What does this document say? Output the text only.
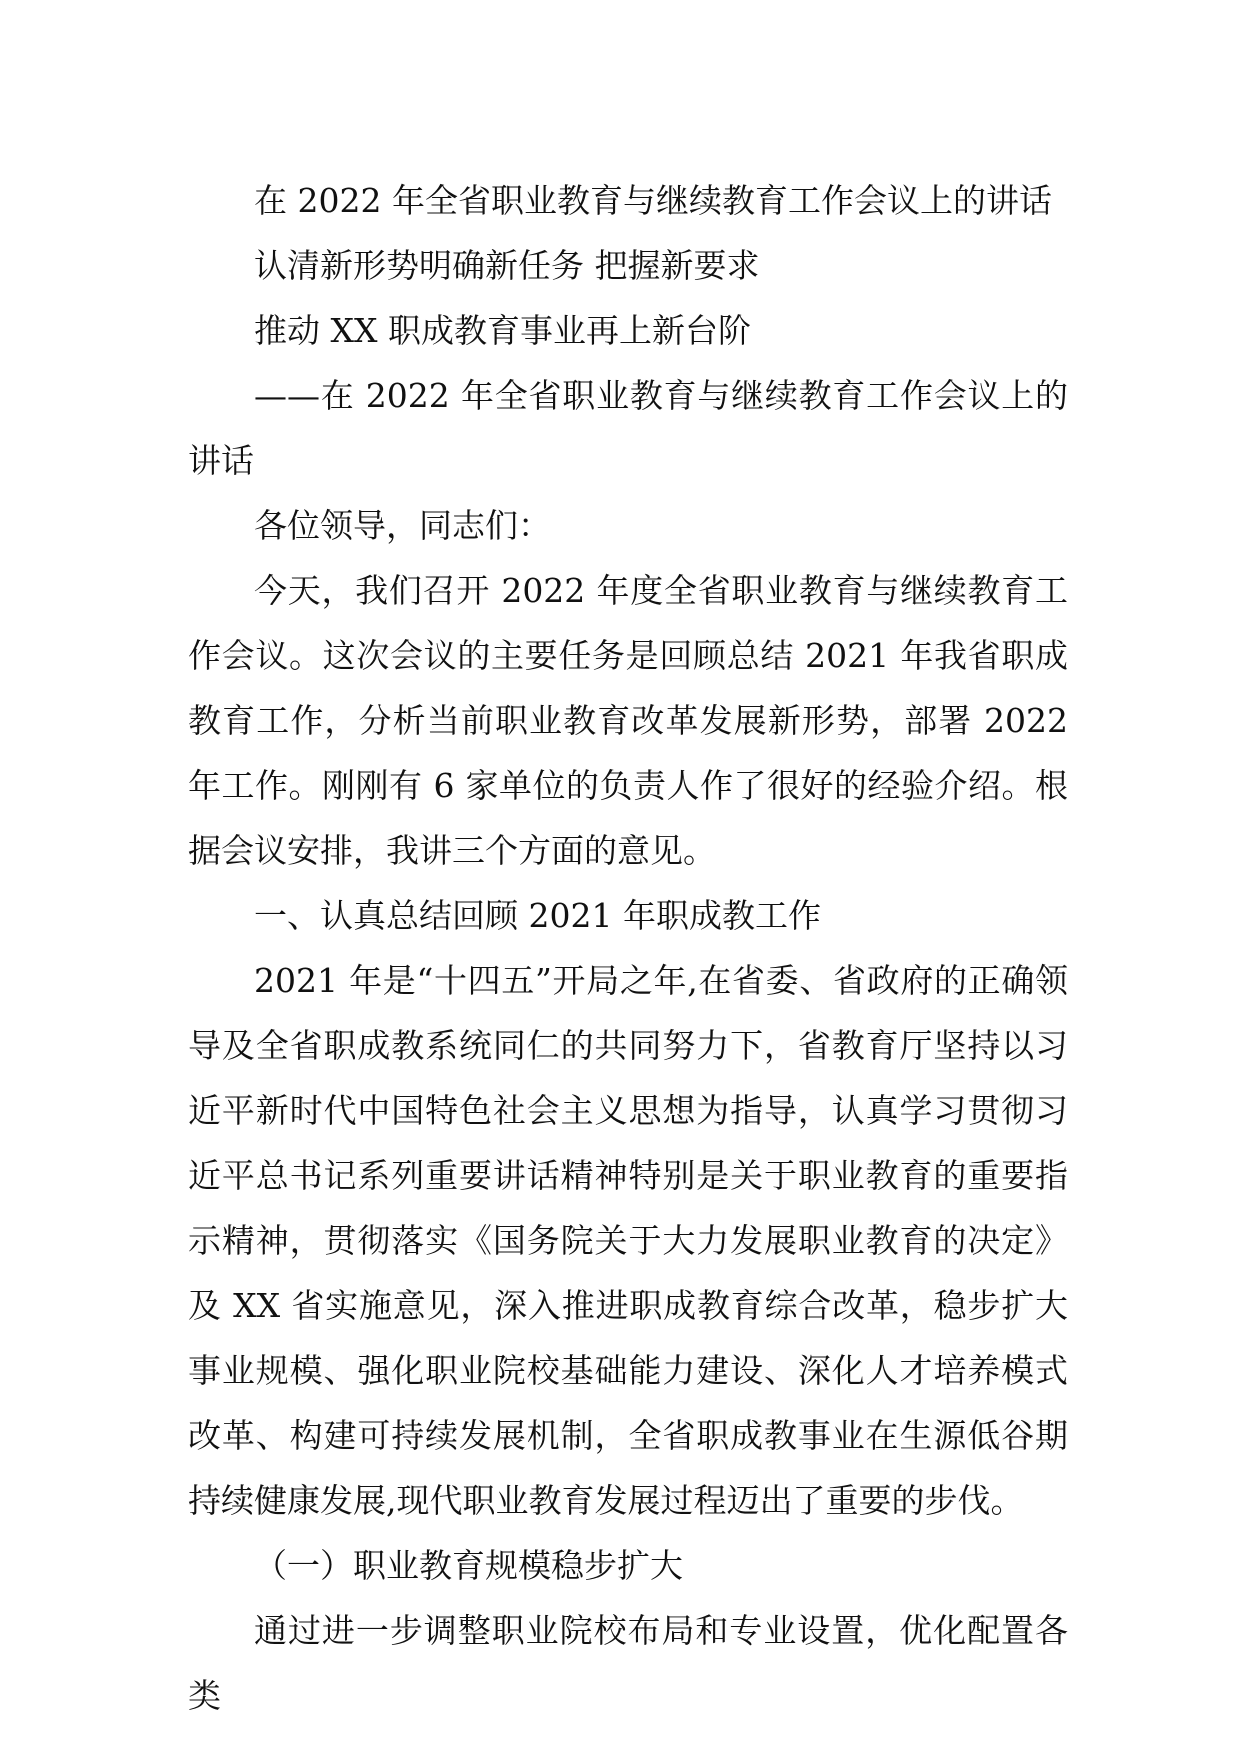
在 2022 年全省职业教育与继续教育工作会议上的讲话

认清新形势明确新任务 把握新要求

推动 XX 职成教育事业再上新台阶

——在 2022 年全省职业教育与继续教育工作会议上的讲话

各位领导，同志们：

今天，我们召开 2022 年度全省职业教育与继续教育工作会议。这次会议的主要任务是回顾总结 2021 年我省职成教育工作，分析当前职业教育改革发展新形势，部署 2022 年工作。刚刚有 6 家单位的负责人作了很好的经验介绍。根据会议安排，我讲三个方面的意见。

一、认真总结回顾 2021 年职成教工作

2021 年是“十四五”开局之年,在省委、省政府的正确领导及全省职成教系统同仁的共同努力下，省教育厅坚持以习近平新时代中国特色社会主义思想为指导，认真学习贯彻习近平总书记系列重要讲话精神特别是关于职业教育的重要指示精神，贯彻落实《国务院关于大力发展职业教育的决定》及 XX 省实施意见，深入推进职成教育综合改革，稳步扩大事业规模、强化职业院校基础能力建设、深化人才培养模式改革、构建可持续发展机制，全省职成教事业在生源低谷期持续健康发展,现代职业教育发展过程迈出了重要的步伐。

（一）职业教育规模稳步扩大

通过进一步调整职业院校布局和专业设置，优化配置各类
